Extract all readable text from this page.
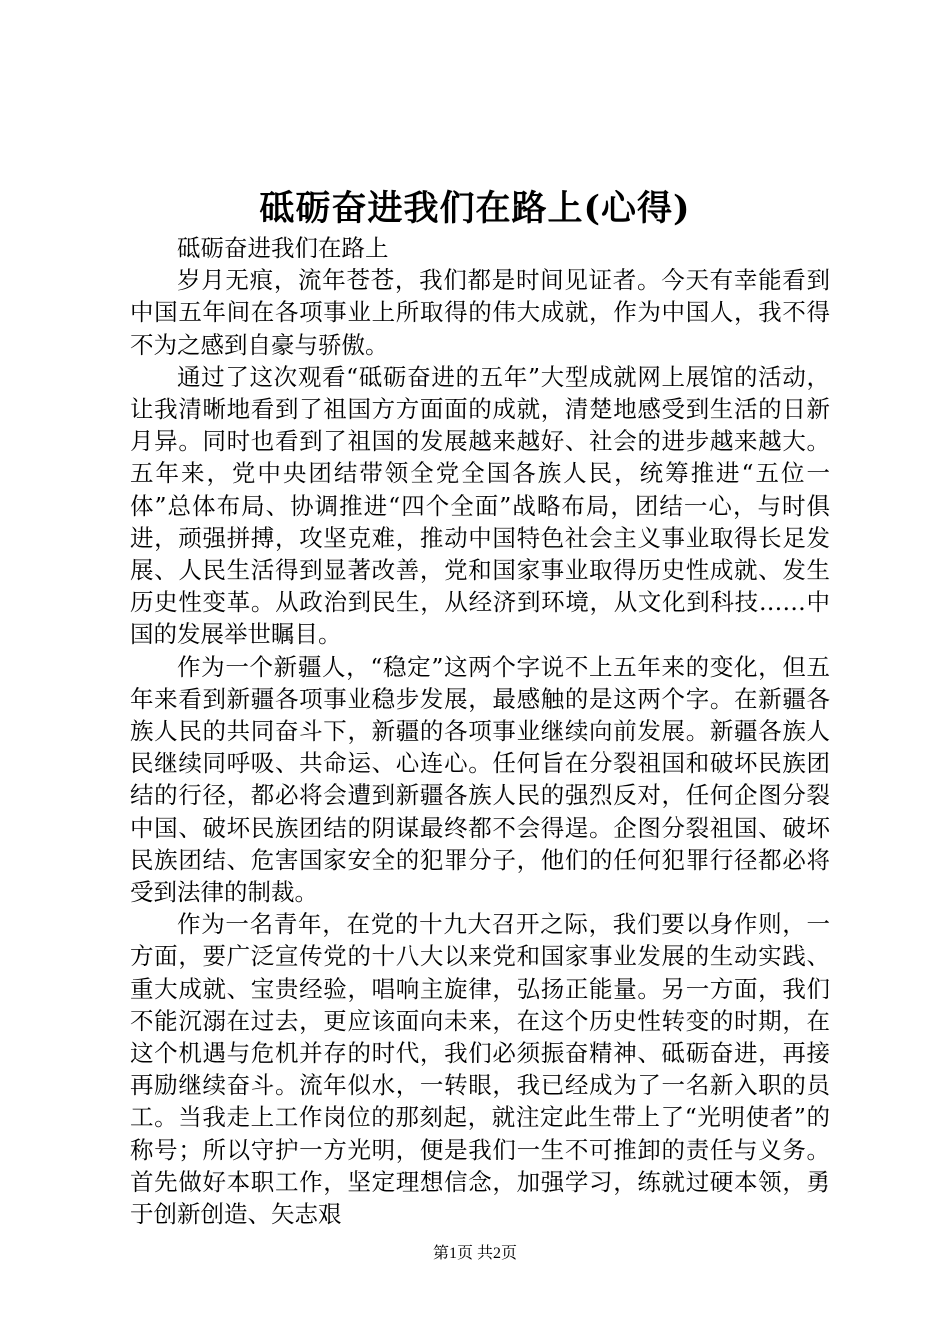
砥砺奋进我们在路上(心得)

砥砺奋进我们在路上

岁月无痕，流年苍苍，我们都是时间见证者。今天有幸能看到中国五年间在各项事业上所取得的伟大成就，作为中国人，我不得不为之感到自豪与骄傲。

通过了这次观看“砥砺奋进的五年”大型成就网上展馆的活动，让我清晰地看到了祖国方方面面的成就，清楚地感受到生活的日新月异。同时也看到了祖国的发展越来越好、社会的进步越来越大。五年来，党中央团结带领全党全国各族人民，统筹推进“五位一体”总体布局、协调推进“四个全面”战略布局，团结一心，与时俱进，顽强拼搏，攻坚克难，推动中国特色社会主义事业取得长足发展、人民生活得到显著改善，党和国家事业取得历史性成就、发生历史性变革。从政治到民生，从经济到环境，从文化到科技……中国的发展举世瞩目。

作为一个新疆人，“稳定”这两个字说不上五年来的变化，但五年来看到新疆各项事业稳步发展，最感触的是这两个字。在新疆各族人民的共同奋斗下，新疆的各项事业继续向前发展。新疆各族人民继续同呼吸、共命运、心连心。任何旨在分裂祖国和破坏民族团结的行径，都必将会遭到新疆各族人民的强烈反对，任何企图分裂中国、破坏民族团结的阴谋最终都不会得逞。企图分裂祖国、破坏民族团结、危害国家安全的犯罪分子，他们的任何犯罪行径都必将受到法律的制裁。

作为一名青年，在党的十九大召开之际，我们要以身作则，一方面，要广泛宣传党的十八大以来党和国家事业发展的生动实践、重大成就、宝贵经验，唱响主旋律，弘扬正能量。另一方面，我们不能沉溺在过去，更应该面向未来，在这个历史性转变的时期，在这个机遇与危机并存的时代，我们必须振奋精神、砥砺奋进，再接再励继续奋斗。流年似水，一转眼，我已经成为了一名新入职的员工。当我走上工作岗位的那刻起，就注定此生带上了“光明使者”的称号；所以守护一方光明，便是我们一生不可推卸的责任与义务。首先做好本职工作，坚定理想信念，加强学习，练就过硬本领，勇于创新创造、矢志艰

第1页 共2页
